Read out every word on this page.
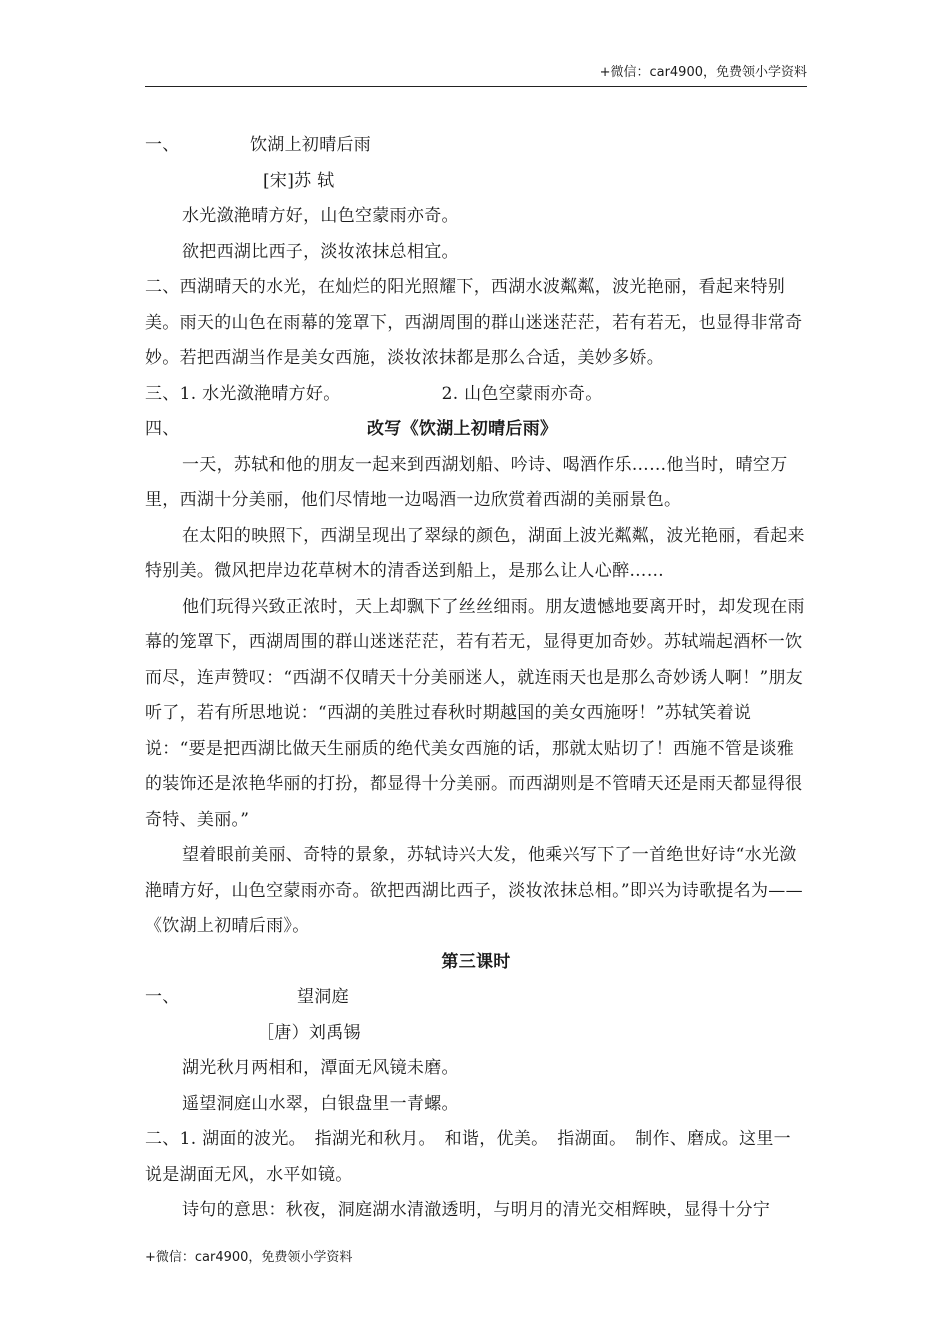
+微信：car4900，免费领小学资料
一、	饮湖上初晴后雨

[宋]苏 轼

水光潋滟晴方好，山色空蒙雨亦奇。

欲把西湖比西子，淡妆浓抹总相宜。

二、西湖晴天的水光，在灿烂的阳光照耀下，西湖水波粼粼，波光艳丽，看起来特别美。雨天的山色在雨幕的笼罩下，西湖周围的群山迷迷茫茫，若有若无，也显得非常奇妙。若把西湖当作是美女西施，淡妆浓抹都是那么合适，美妙多娇。

三、 1. 水光潋滟晴方好。	2. 山色空蒙雨亦奇。
四、	改写《饮湖上初晴后雨》

一天，苏轼和他的朋友一起来到西湖划船、吟诗、喝酒作乐……他当时，晴空万里，西湖十分美丽，他们尽情地一边喝酒一边欣赏着西湖的美丽景色。

在太阳的映照下，西湖呈现出了翠绿的颜色，湖面上波光粼粼，波光艳丽，看起来特别美。微风把岸边花草树木的清香送到船上，是那么让人心醉……

他们玩得兴致正浓时，天上却飘下了丝丝细雨。朋友遗憾地要离开时，却发现在雨幕的笼罩下，西湖周围的群山迷迷茫茫，若有若无，显得更加奇妙。苏轼端起酒杯一饮而尽，连声赞叹：“西湖不仅晴天十分美丽迷人，就连雨天也是那么奇妙诱人啊！”朋友听了，若有所思地说：“西湖的美胜过春秋时期越国的美女西施呀！”苏轼笑着说说：“要是把西湖比做天生丽质的绝代美女西施的话，那就太贴切了！西施不管是谈雅的装饰还是浓艳华丽的打扮，都显得十分美丽。而西湖则是不管晴天还是雨天都显得很奇特、美丽。”

望着眼前美丽、奇特的景象，苏轼诗兴大发，他乘兴写下了一首绝世好诗“水光潋滟晴方好，山色空蒙雨亦奇。欲把西湖比西子，淡妆浓抹总相。”即兴为诗歌提名为——《饮湖上初晴后雨》。

第三课时

一、	望洞庭

［唐）刘禹锡

湖光秋月两相和，潭面无风镜未磨。

遥望洞庭山水翠，白银盘里一青螺。

二、1. 湖面的波光。　指湖光和秋月。　和谐，优美。　指湖面。　制作、磨成。这里一说是湖面无风，水平如镜。

诗句的意思：秋夜，洞庭湖水清澈透明，与明月的清光交相辉映，显得十分宁

+微信：car4900，免费领小学资料
